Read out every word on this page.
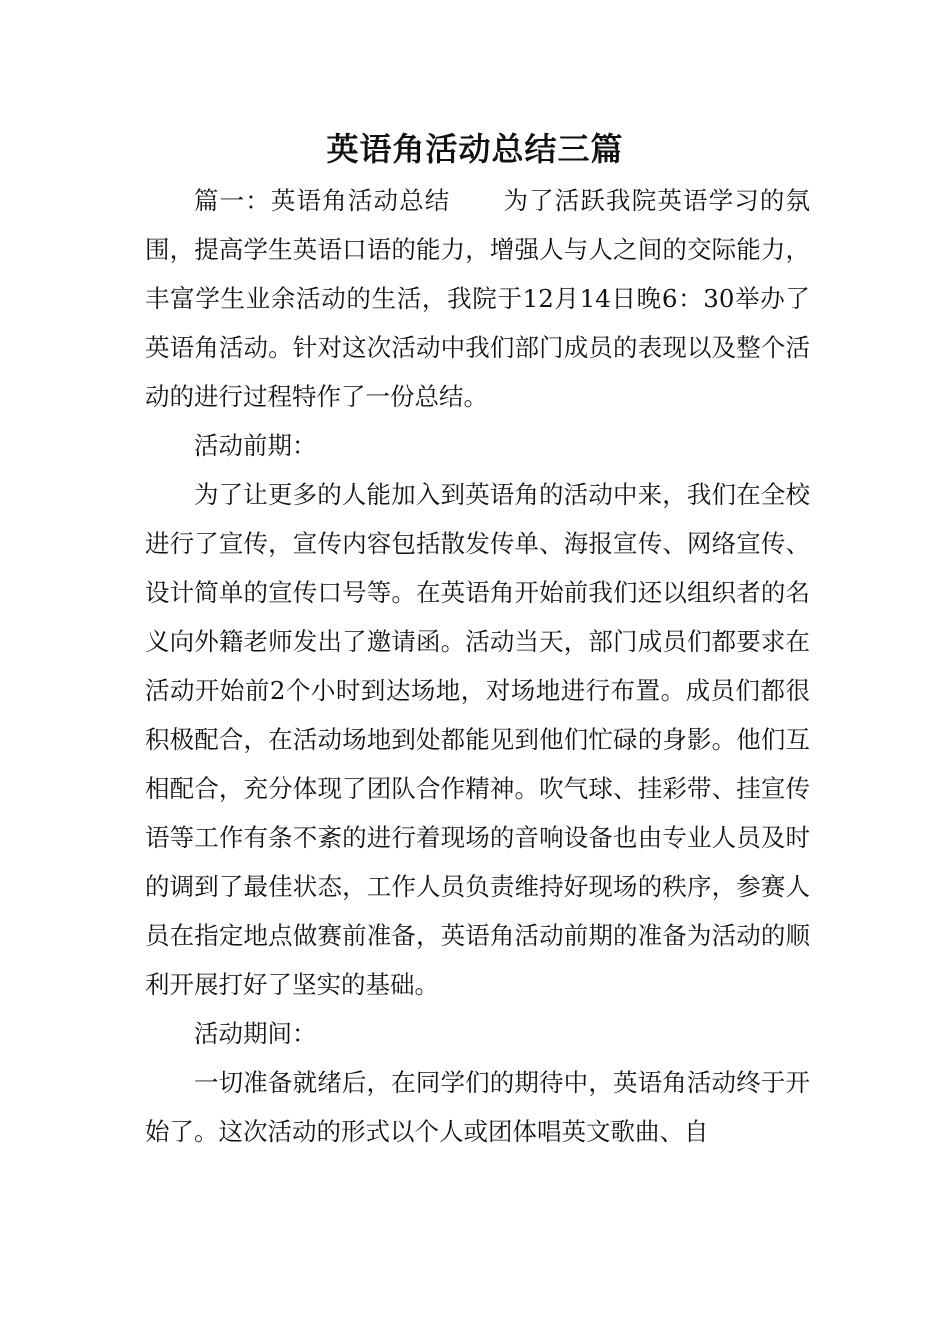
英语角活动总结三篇

篇一：英语角活动总结 为了活跃我院英语学习的氛围，提高学生英语口语的能力，增强人与人之间的交际能力，丰富学生业余活动的生活，我院于12月14日晚6：30举办了英语角活动。针对这次活动中我们部门成员的表现以及整个活动的进行过程特作了一份总结。

活动前期：

为了让更多的人能加入到英语角的活动中来，我们在全校进行了宣传，宣传内容包括散发传单、海报宣传、网络宣传、设计简单的宣传口号等。在英语角开始前我们还以组织者的名义向外籍老师发出了邀请函。活动当天，部门成员们都要求在活动开始前2个小时到达场地，对场地进行布置。成员们都很积极配合，在活动场地到处都能见到他们忙碌的身影。他们互相配合，充分体现了团队合作精神。吹气球、挂彩带、挂宣传语等工作有条不紊的进行着现场的音响设备也由专业人员及时的调到了最佳状态，工作人员负责维持好现场的秩序，参赛人员在指定地点做赛前准备，英语角活动前期的准备为活动的顺利开展打好了坚实的基础。

活动期间：

一切准备就绪后，在同学们的期待中，英语角活动终于开始了。这次活动的形式以个人或团体唱英文歌曲、自
